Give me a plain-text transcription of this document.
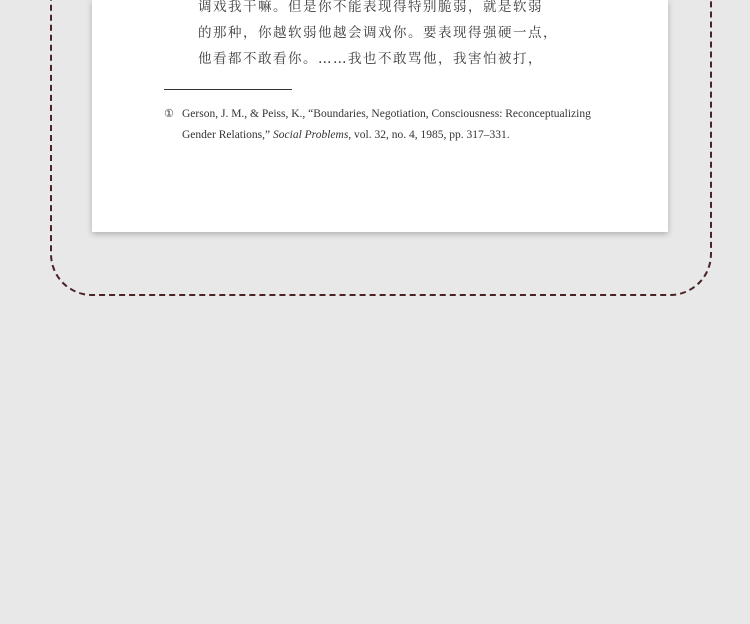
调戏我干嘛。但是你不能表现得特别脆弱，就是软弱
的那种，你越软弱他越会调戏你。要表现得强硬一点，
他看都不敢看你。……我也不敢骂他，我害怕被打，
① Gerson, J. M., & Peiss, K., “Boundaries, Negotiation, Consciousness: Reconceptualizing
Gender Relations,” Social Problems, vol. 32, no. 4, 1985, pp. 317–331.
